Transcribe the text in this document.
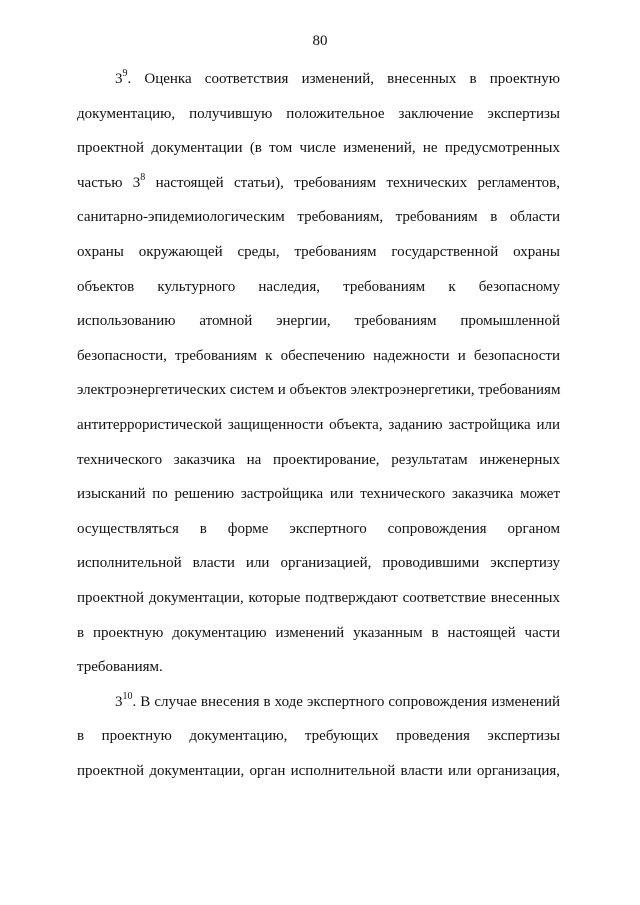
80
$3^9$. Оценка соответствия изменений, внесенных в проектную
документацию, получившую положительное заключение экспертизы
проектной документации (в том числе изменений, не предусмотренных
частью $3^8$ настоящей статьи), требованиям технических регламентов,
санитарно-эпидемиологическим требованиям, требованиям в области
охраны окружающей среды, требованиям государственной охраны
объектов культурного наследия, требованиям к безопасному
использованию атомной энергии, требованиям промышленной
безопасности, требованиям к обеспечению надежности и безопасности
электроэнергетических систем и объектов электроэнергетики, требованиям
антитеррористической защищенности объекта, заданию застройщика или
технического заказчика на проектирование, результатам инженерных
изысканий по решению застройщика или технического заказчика может
осуществляться в форме экспертного сопровождения органом
исполнительной власти или организацией, проводившими экспертизу
проектной документации, которые подтверждают соответствие внесенных
в проектную документацию изменений указанным в настоящей части
требованиям.
$3^{10}$. В случае внесения в ходе экспертного сопровождения изменений
в проектную документацию, требующих проведения экспертизы
проектной документации, орган исполнительной власти или организация,
